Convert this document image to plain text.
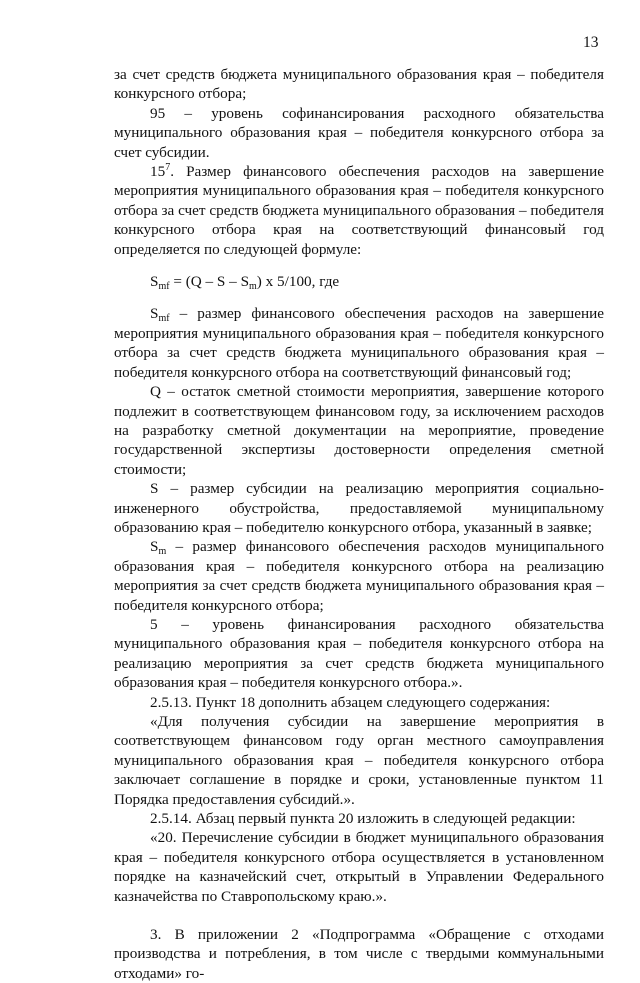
13

за счет средств бюджета муниципального образования края – победителя конкурсного отбора;

95 – уровень софинансирования расходного обязательства муниципального образования края – победителя конкурсного отбора за счет субсидии.

$15^7$. Размер финансового обеспечения расходов на завершение мероприятия муниципального образования края – победителя конкурсного отбора за счет средств бюджета муниципального образования – победителя конкурсного отбора края на соответствующий финансовый год определяется по следующей формуле:

$S_{mf} = (Q - S - S_m)$ х 5/100, где

$S_{mf}$ – размер финансового обеспечения расходов на завершение мероприятия муниципального образования края – победителя конкурсного отбора за счет средств бюджета муниципального образования края – победителя конкурсного отбора на соответствующий финансовый год;

Q – остаток сметной стоимости мероприятия, завершение которого подлежит в соответствующем финансовом году, за исключением расходов на разработку сметной документации на мероприятие, проведение государственной экспертизы достоверности определения сметной стоимости;

S – размер субсидии на реализацию мероприятия социально-инженерного обустройства, предоставляемой муниципальному образованию края – победителю конкурсного отбора, указанный в заявке;

$S_m$ – размер финансового обеспечения расходов муниципального образования края – победителя конкурсного отбора на реализацию мероприятия за счет средств бюджета муниципального образования края – победителя конкурсного отбора;

5 – уровень финансирования расходного обязательства муниципального образования края – победителя конкурсного отбора на реализацию мероприятия за счет средств бюджета муниципального образования края – победителя конкурсного отбора.».

2.5.13. Пункт 18 дополнить абзацем следующего содержания:

«Для получения субсидии на завершение мероприятия в соответствующем финансовом году орган местного самоуправления муниципального образования края – победителя конкурсного отбора заключает соглашение в порядке и сроки, установленные пунктом 11 Порядка предоставления субсидий.».

2.5.14. Абзац первый пункта 20 изложить в следующей редакции:

«20. Перечисление субсидии в бюджет муниципального образования края – победителя конкурсного отбора осуществляется в установленном порядке на казначейский счет, открытый в Управлении Федерального казначейства по Ставропольскому краю.».

3. В приложении 2 «Подпрограмма «Обращение с отходами производства и потребления, в том числе с твердыми коммунальными отходами» го-
